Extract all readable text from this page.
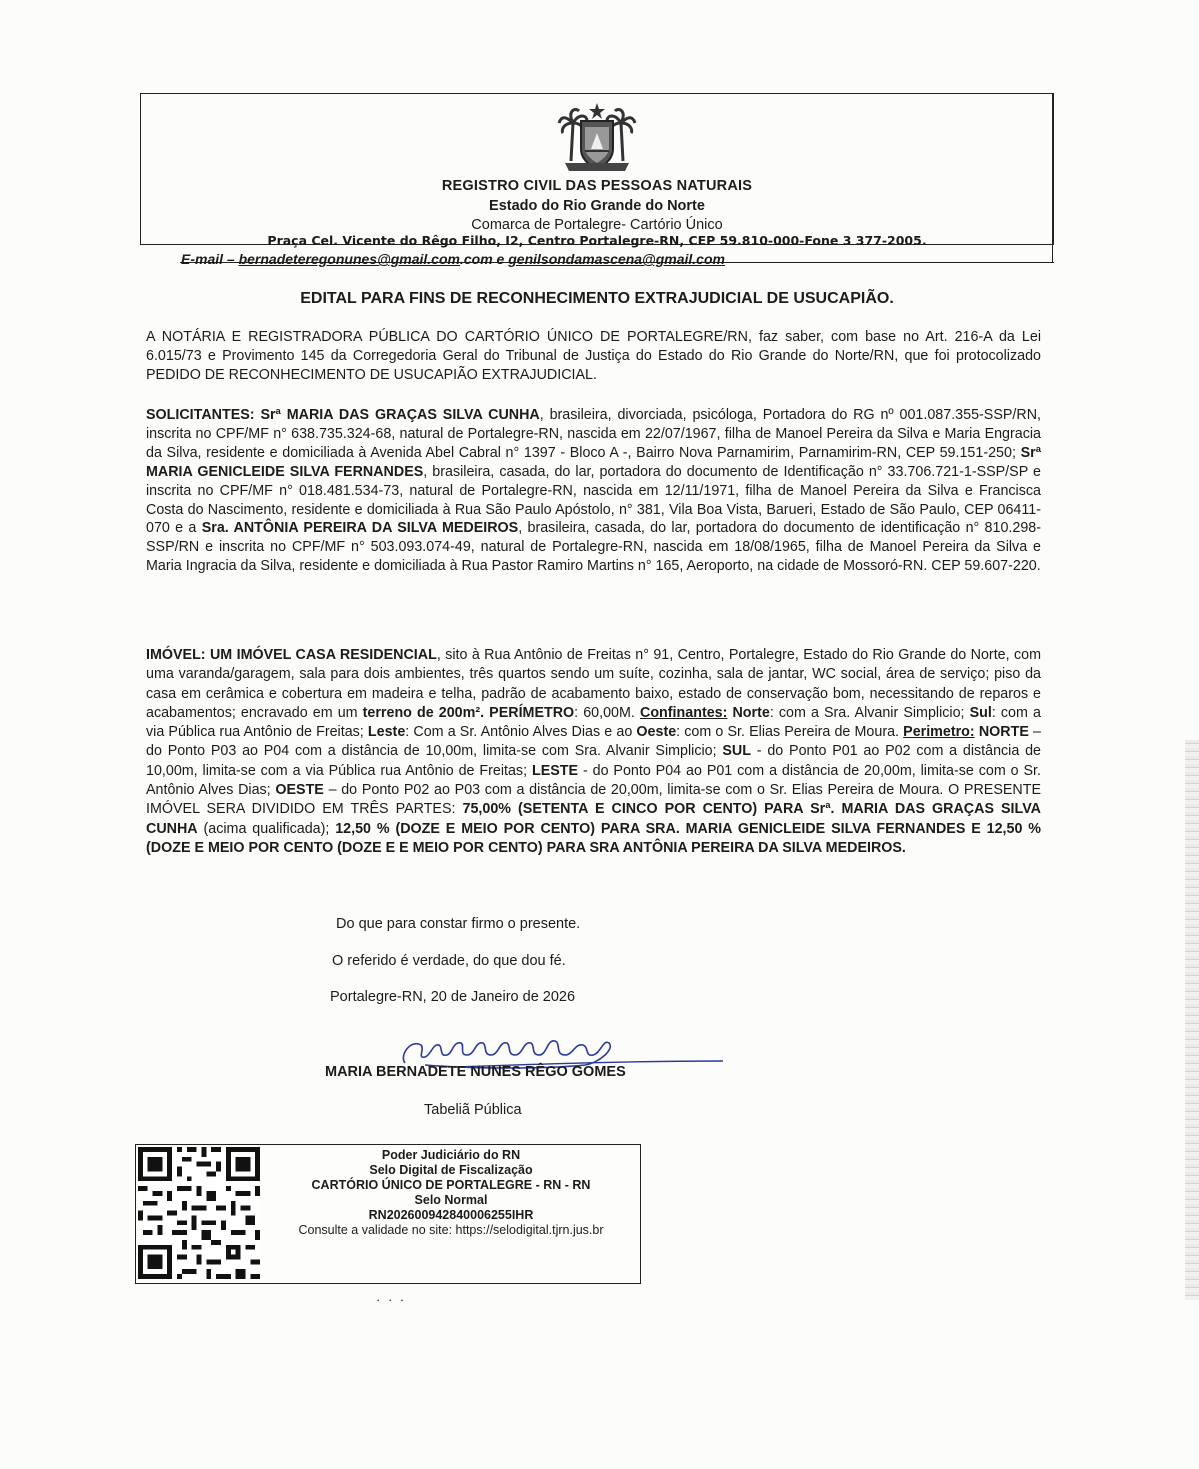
REGISTRO CIVIL DAS PESSOAS NATURAIS
Estado do Rio Grande do Norte
Comarca de Portalegre- Cartório Único
Praça Cel. Vicente do Rêgo Filho, I2, Centro Portalegre-RN, CEP 59.810-000-Fone 3 377-2005.
E-mail – bernadeteregonunes@gmail.com.com e genilsondamascena@gmail.com
EDITAL PARA FINS DE RECONHECIMENTO EXTRAJUDICIAL DE USUCAPIÃO.
A NOTÁRIA E REGISTRADORA PÚBLICA DO CARTÓRIO ÚNICO DE PORTALEGRE/RN, faz saber, com base no Art. 216-A da Lei 6.015/73 e Provimento 145 da Corregedoria Geral do Tribunal de Justiça do Estado do Rio Grande do Norte/RN, que foi protocolizado PEDIDO DE RECONHECIMENTO DE USUCAPIÃO EXTRAJUDICIAL.
SOLICITANTES: Srª MARIA DAS GRAÇAS SILVA CUNHA, brasileira, divorciada, psicóloga, Portadora do RG nº 001.087.355-SSP/RN, inscrita no CPF/MF n° 638.735.324-68, natural de Portalegre-RN, nascida em 22/07/1967, filha de Manoel Pereira da Silva e Maria Engracia da Silva, residente e domiciliada à Avenida Abel Cabral n° 1397 - Bloco A -, Bairro Nova Parnamirim, Parnamirim-RN, CEP 59.151-250; Srª MARIA GENICLEIDE SILVA FERNANDES, brasileira, casada, do lar, portadora do documento de Identificação n° 33.706.721-1-SSP/SP e inscrita no CPF/MF n° 018.481.534-73, natural de Portalegre-RN, nascida em 12/11/1971, filha de Manoel Pereira da Silva e Francisca Costa do Nascimento, residente e domiciliada à Rua São Paulo Apóstolo, n° 381, Vila Boa Vista, Barueri, Estado de São Paulo, CEP 06411-070 e a Sra. ANTÔNIA PEREIRA DA SILVA MEDEIROS, brasileira, casada, do lar, portadora do documento de identificação n° 810.298-SSP/RN e inscrita no CPF/MF n° 503.093.074-49, natural de Portalegre-RN, nascida em 18/08/1965, filha de Manoel Pereira da Silva e Maria Ingracia da Silva, residente e domiciliada à Rua Pastor Ramiro Martins n° 165, Aeroporto, na cidade de Mossoró-RN. CEP 59.607-220.
IMÓVEL: UM IMÓVEL CASA RESIDENCIAL, sito à Rua Antônio de Freitas n° 91, Centro, Portalegre, Estado do Rio Grande do Norte, com uma varanda/garagem, sala para dois ambientes, três quartos sendo um suíte, cozinha, sala de jantar, WC social, área de serviço; piso da casa em cerâmica e cobertura em madeira e telha, padrão de acabamento baixo, estado de conservação bom, necessitando de reparos e acabamentos; encravado em um terreno de 200m². PERÍMETRO: 60,00M. Confinantes: Norte: com a Sra. Alvanir Simplicio; Sul: com a via Pública rua Antônio de Freitas; Leste: Com a Sr. Antônio Alves Dias e ao Oeste: com o Sr. Elias Pereira de Moura. Perimetro: NORTE – do Ponto P03 ao P04 com a distância de 10,00m, limita-se com Sra. Alvanir Simplicio; SUL - do Ponto P01 ao P02 com a distância de 10,00m, limita-se com a via Pública rua Antônio de Freitas; LESTE - do Ponto P04 ao P01 com a distância de 20,00m, limita-se com o Sr. Antônio Alves Dias; OESTE – do Ponto P02 ao P03 com a distância de 20,00m, limita-se com o Sr. Elias Pereira de Moura. O PRESENTE IMÓVEL SERA DIVIDIDO EM TRÊS PARTES: 75,00% (SETENTA E CINCO POR CENTO) PARA Srª. MARIA DAS GRAÇAS SILVA CUNHA (acima qualificada); 12,50 % (DOZE E MEIO POR CENTO) PARA SRA. MARIA GENICLEIDE SILVA FERNANDES E 12,50 % (DOZE E MEIO POR CENTO (DOZE E E MEIO POR CENTO) PARA SRA ANTÔNIA PEREIRA DA SILVA MEDEIROS.
Do que para constar firmo o presente.
O referido é verdade, do que dou fé.
Portalegre-RN, 20 de Janeiro de 2026
MARIA BERNADETE NUNES RÊGO GOMES
Tabeliã Pública
Poder Judiciário do RN
Selo Digital de Fiscalização
CARTÓRIO ÚNICO DE PORTALEGRE - RN - RN
Selo Normal
RN202600942840006255IHR
Consulte a validade no site: https://selodigital.tjrn.jus.br
· · ·
